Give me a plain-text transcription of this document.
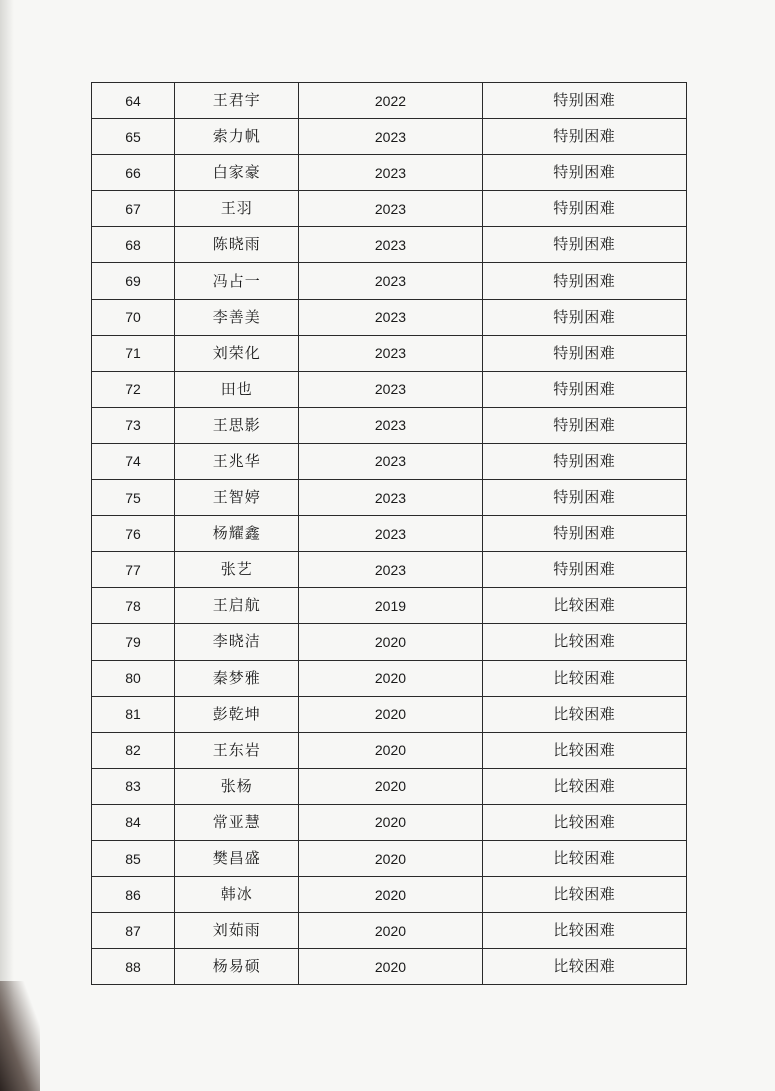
64	王君宇	2022	特别困难
65	索力帆	2023	特别困难
66	白家豪	2023	特别困难
67	王羽	2023	特别困难
68	陈晓雨	2023	特别困难
69	冯占一	2023	特别困难
70	李善美	2023	特别困难
71	刘荣化	2023	特别困难
72	田也	2023	特别困难
73	王思影	2023	特别困难
74	王兆华	2023	特别困难
75	王智婷	2023	特别困难
76	杨耀鑫	2023	特别困难
77	张艺	2023	特别困难
78	王启航	2019	比较困难
79	李晓洁	2020	比较困难
80	秦梦雅	2020	比较困难
81	彭乾坤	2020	比较困难
82	王东岩	2020	比较困难
83	张杨	2020	比较困难
84	常亚慧	2020	比较困难
85	樊昌盛	2020	比较困难
86	韩冰	2020	比较困难
87	刘茹雨	2020	比较困难
88	杨易硕	2020	比较困难
